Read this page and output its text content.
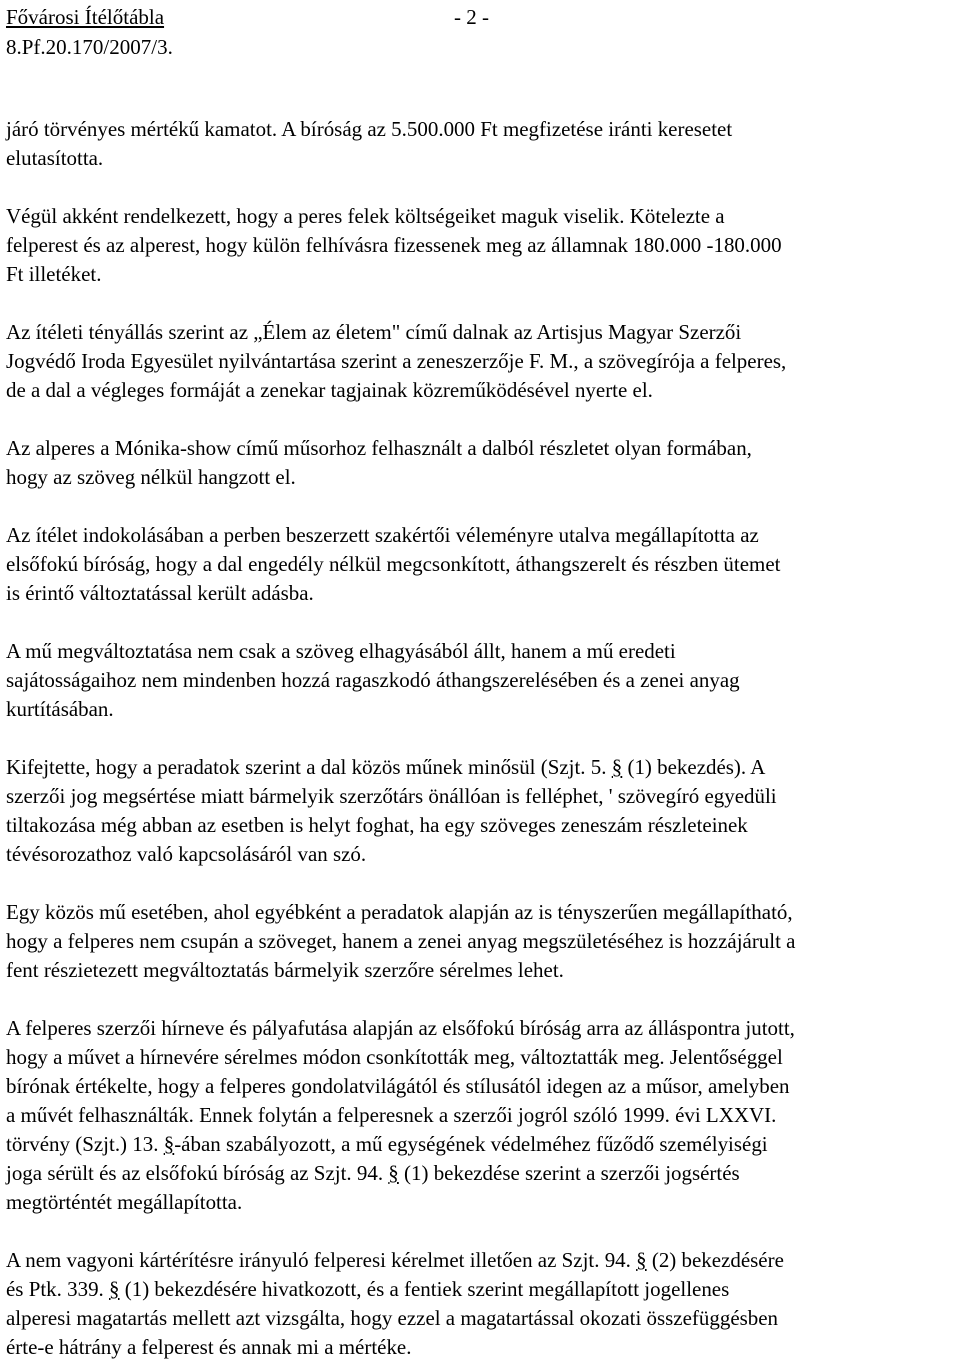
Fővárosi Ítélőtábla
8.Pf.20.170/2007/3.
- 2 -
járó törvényes mértékű kamatot. A bíróság az 5.500.000 Ft megfizetése iránti keresetet
elutasította.
Végül akként rendelkezett, hogy a peres felek költségeiket maguk viselik. Kötelezte a
felperest és az alperest, hogy külön felhívásra fizessenek meg az államnak 180.000 -180.000
Ft illetéket.
Az ítéleti tényállás szerint az „Élem az életem" című dalnak az Artisjus Magyar Szerzői
Jogvédő Iroda Egyesület nyilvántartása szerint a zeneszerzője F. M., a szövegírója a felperes,
de a dal a végleges formáját a zenekar tagjainak közreműködésével nyerte el.
Az alperes a Mónika-show című műsorhoz felhasznált a dalból részletet olyan formában,
hogy az szöveg nélkül hangzott el.
Az ítélet indokolásában a perben beszerzett szakértői véleményre utalva megállapította az
elsőfokú bíróság, hogy a dal engedély nélkül megcsonkított, áthangszerelt és részben ütemet
is érintő változtatással került adásba.
A mű megváltoztatása nem csak a szöveg elhagyásából állt, hanem a mű eredeti
sajátosságaihoz nem mindenben hozzá ragaszkodó áthangszerelésében és a zenei anyag
kurtításában.
Kifejtette, hogy a peradatok szerint a dal közös műnek minősül (Szjt. 5. § (1) bekezdés). A
szerzői jog megsértése miatt bármelyik szerzőtárs önállóan is felléphet, ' szövegíró egyedüli
tiltakozása még abban az esetben is helyt foghat, ha egy szöveges zeneszám részleteinek
tévésorozathoz való kapcsolásáról van szó.
Egy közös mű esetében, ahol egyébként a peradatok alapján az is tényszerűen megállapítható,
hogy a felperes nem csupán a szöveget, hanem a zenei anyag megszületéséhez is hozzájárult a
fent részietezett megváltoztatás bármelyik szerzőre sérelmes lehet.
A felperes szerzői hírneve és pályafutása alapján az elsőfokú bíróság arra az álláspontra jutott,
hogy a művet a hírnevére sérelmes módon csonkították meg, változtatták meg. Jelentőséggel
bírónak értékelte, hogy a felperes gondolatvilágától és stílusától idegen az a műsor, amelyben
a művét felhasználták. Ennek folytán a felperesnek a szerzői jogról szóló 1999. évi LXXVI.
törvény (Szjt.) 13. §-ában szabályozott, a mű egységének védelméhez fűződő személyiségi
joga sérült és az elsőfokú bíróság az Szjt. 94. § (1) bekezdése szerint a szerzői jogsértés
megtörténtét megállapította.
A nem vagyoni kártérítésre irányuló felperesi kérelmet illetően az Szjt. 94. § (2) bekezdésére
és Ptk. 339. § (1) bekezdésére hivatkozott, és a fentiek szerint megállapított jogellenes
alperesi magatartás mellett azt vizsgálta, hogy ezzel a magatartással okozati összefüggésben
érte-e hátrány a felperest és annak mi a mértéke.
